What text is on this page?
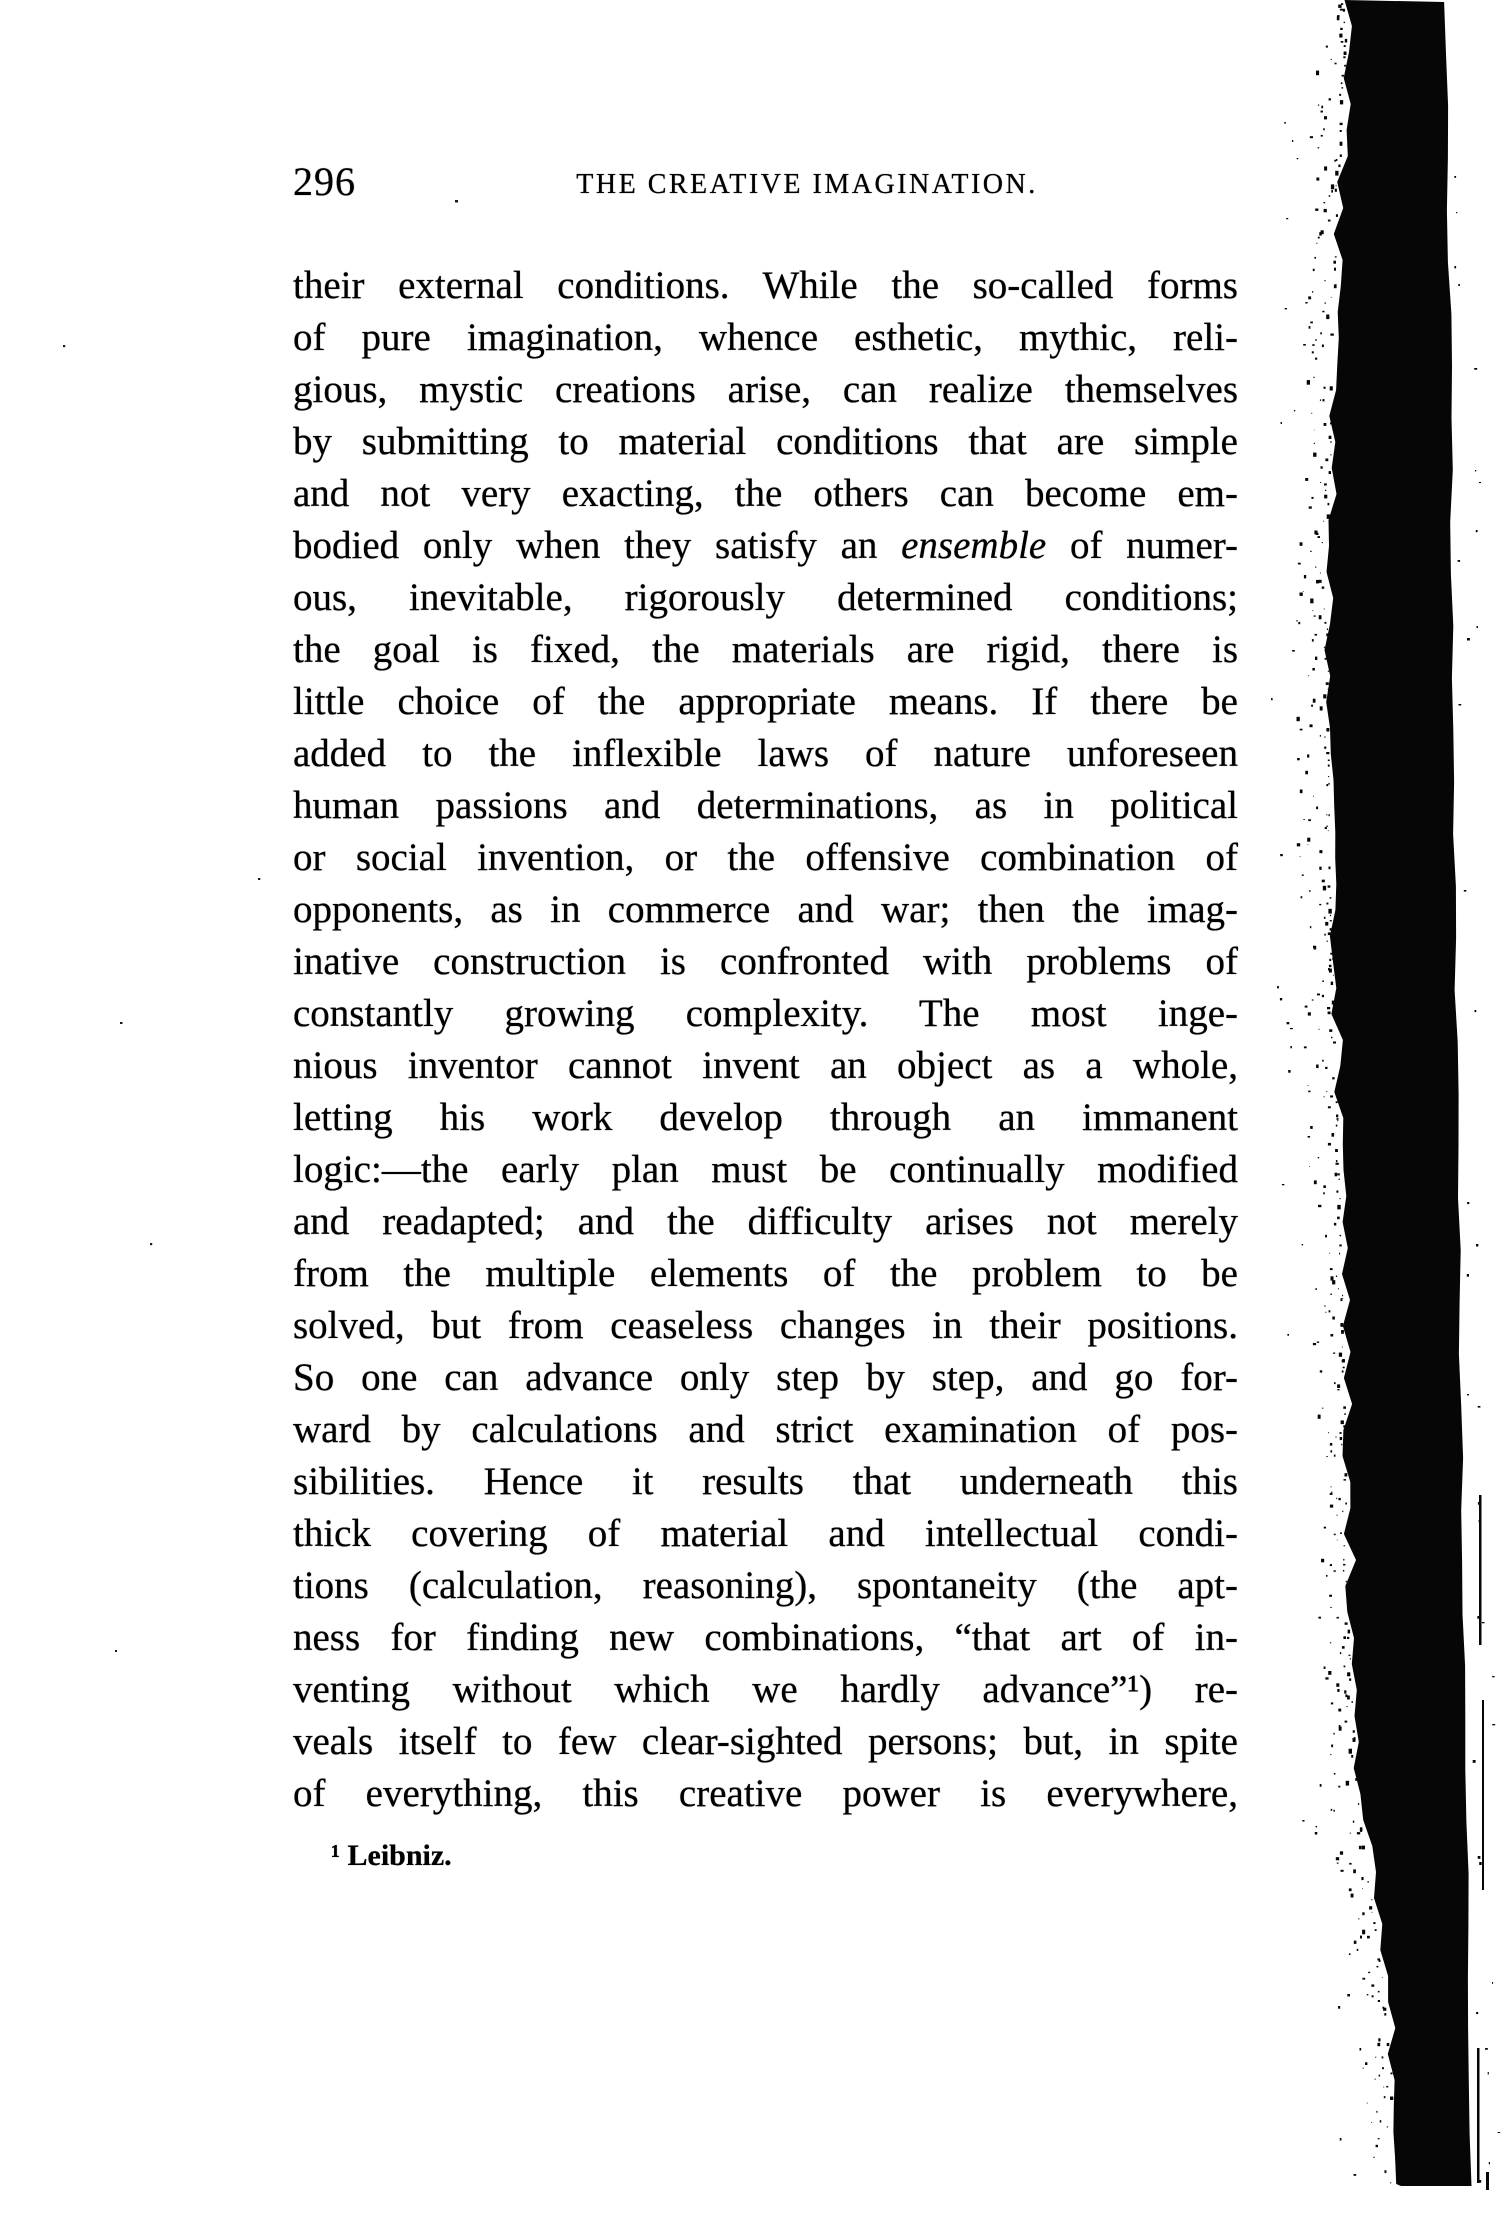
296	THE CREATIVE IMAGINATION.
their external conditions. While the so-called forms
of pure imagination, whence esthetic, mythic, reli-
gious, mystic creations arise, can realize themselves
by submitting to material conditions that are simple
and not very exacting, the others can become em-
bodied only when they satisfy an ensemble of numer-
ous, inevitable, rigorously determined conditions;
the goal is fixed, the materials are rigid, there is
little choice of the appropriate means. If there be
added to the inflexible laws of nature unforeseen
human passions and determinations, as in political
or social invention, or the offensive combination of
opponents, as in commerce and war; then the imag-
inative construction is confronted with problems of
constantly growing complexity. The most inge-
nious inventor cannot invent an object as a whole,
letting his work develop through an immanent
logic:—the early plan must be continually modified
and readapted; and the difficulty arises not merely
from the multiple elements of the problem to be
solved, but from ceaseless changes in their positions.
So one can advance only step by step, and go for-
ward by calculations and strict examination of pos-
sibilities. Hence it results that underneath this
thick covering of material and intellectual condi-
tions (calculation, reasoning), spontaneity (the apt-
ness for finding new combinations, “that art of in-
venting without which we hardly advance”¹) re-
veals itself to few clear-sighted persons; but, in spite
of everything, this creative power is everywhere,
¹ Leibniz.
